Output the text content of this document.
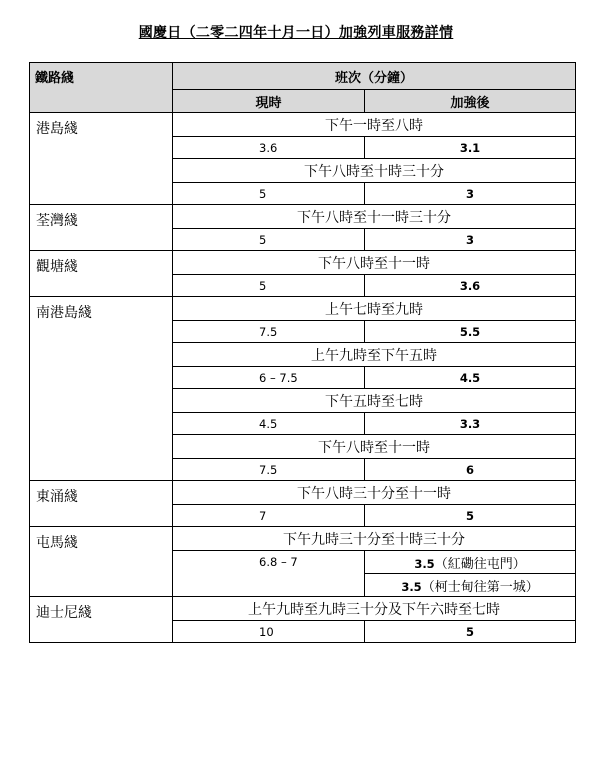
國慶日（二零二四年十月一日）加強列車服務詳情
鐵路綫	班次（分鐘）	
	現時	加強後
港島綫	下午一時至八時	
	3.6	3.1
	下午八時至十時三十分	
	5	3
荃灣綫	下午八時至十一時三十分	
	5	3
觀塘綫	下午八時至十一時	
	5	3.6
南港島綫	上午七時至九時	
	7.5	5.5
	上午九時至下午五時	
	6 – 7.5	4.5
	下午五時至七時	
	4.5	3.3
	下午八時至十一時	
	7.5	6
東涌綫	下午八時三十分至十一時	
	7	5
屯馬綫	下午九時三十分至十時三十分	
	6.8 – 7	3.5（紅磡往屯門）
		3.5（柯士甸往第一城）
迪士尼綫	上午九時至九時三十分及下午六時至七時	
	10	5
